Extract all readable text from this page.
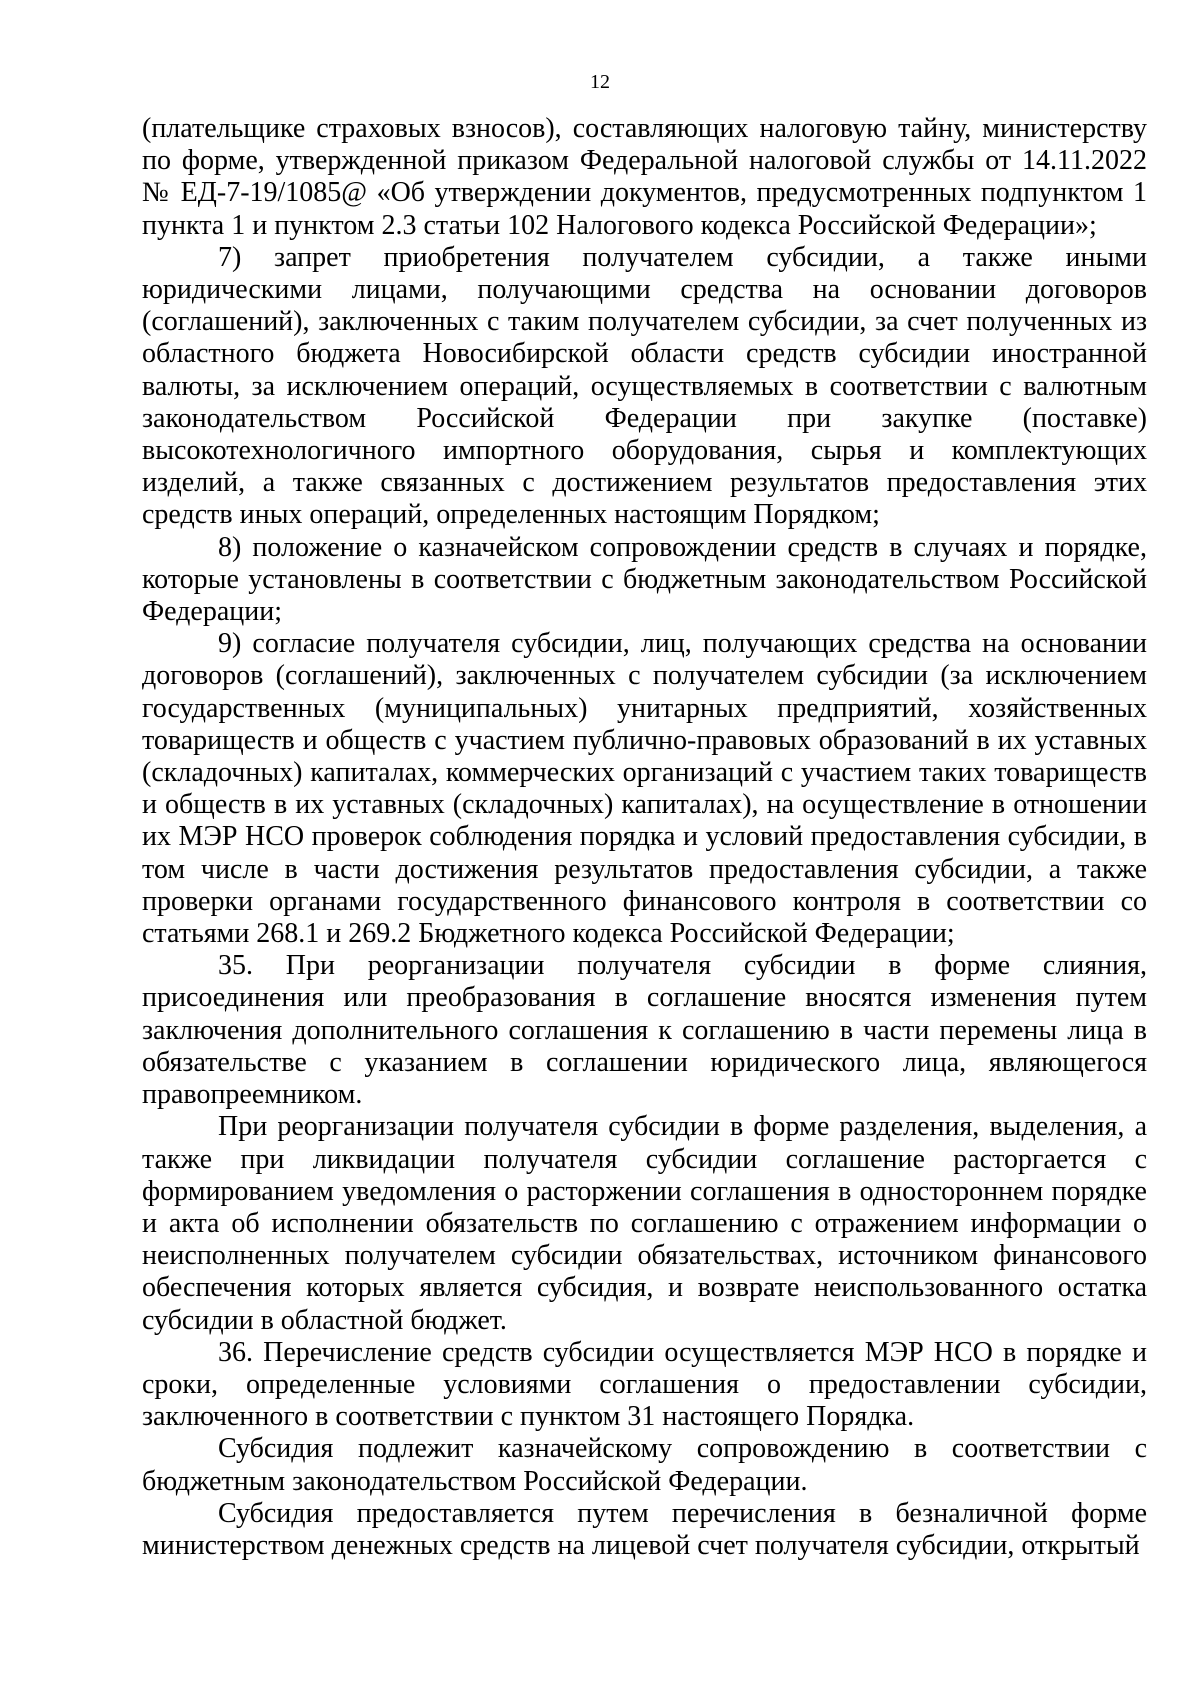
12

(плательщике страховых взносов), составляющих налоговую тайну, министерству по форме, утвержденной приказом Федеральной налоговой службы от 14.11.2022 № ЕД-7-19/1085@ «Об утверждении документов, предусмотренных подпунктом 1 пункта 1 и пунктом 2.3 статьи 102 Налогового кодекса Российской Федерации»;

7) запрет приобретения получателем субсидии, а также иными юридическими лицами, получающими средства на основании договоров (соглашений), заключенных с таким получателем субсидии, за счет полученных из областного бюджета Новосибирской области средств субсидии иностранной валюты, за исключением операций, осуществляемых в соответствии с валютным законодательством Российской Федерации при закупке (поставке) высокотехнологичного импортного оборудования, сырья и комплектующих изделий, а также связанных с достижением результатов предоставления этих средств иных операций, определенных настоящим Порядком;

8) положение о казначейском сопровождении средств в случаях и порядке, которые установлены в соответствии с бюджетным законодательством Российской Федерации;

9) согласие получателя субсидии, лиц, получающих средства на основании договоров (соглашений), заключенных с получателем субсидии (за исключением государственных (муниципальных) унитарных предприятий, хозяйственных товариществ и обществ с участием публично-правовых образований в их уставных (складочных) капиталах, коммерческих организаций с участием таких товариществ и обществ в их уставных (складочных) капиталах), на осуществление в отношении их МЭР НСО проверок соблюдения порядка и условий предоставления субсидии, в том числе в части достижения результатов предоставления субсидии, а также проверки органами государственного финансового контроля в соответствии со статьями 268.1 и 269.2 Бюджетного кодекса Российской Федерации;

35. При реорганизации получателя субсидии в форме слияния, присоединения или преобразования в соглашение вносятся изменения путем заключения дополнительного соглашения к соглашению в части перемены лица в обязательстве с указанием в соглашении юридического лица, являющегося правопреемником.

При реорганизации получателя субсидии в форме разделения, выделения, а также при ликвидации получателя субсидии соглашение расторгается с формированием уведомления о расторжении соглашения в одностороннем порядке и акта об исполнении обязательств по соглашению с отражением информации о неисполненных получателем субсидии обязательствах, источником финансового обеспечения которых является субсидия, и возврате неиспользованного остатка субсидии в областной бюджет.

36. Перечисление средств субсидии осуществляется МЭР НСО в порядке и сроки, определенные условиями соглашения о предоставлении субсидии, заключенного в соответствии с пунктом 31 настоящего Порядка.

Субсидия подлежит казначейскому сопровождению в соответствии с бюджетным законодательством Российской Федерации.

Субсидия предоставляется путем перечисления в безналичной форме министерством денежных средств на лицевой счет получателя субсидии, открытый
